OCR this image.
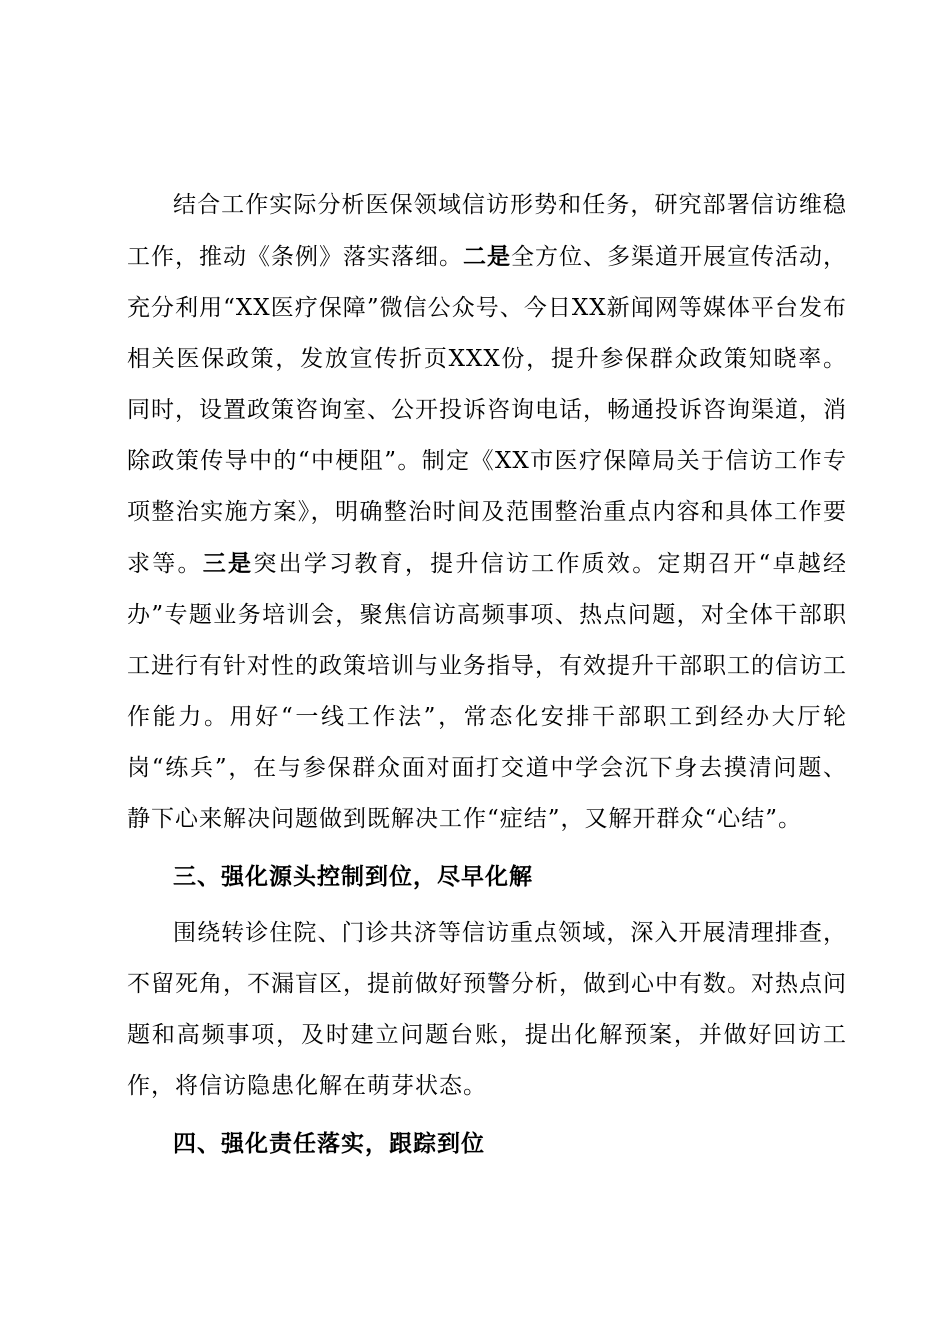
结合工作实际分析医保领域信访形势和任务，研究部署信访维稳工作，推动《条例》落实落细。二是全方位、多渠道开展宣传活动，充分利用“XX医疗保障”微信公众号、今日XX新闻网等媒体平台发布相关医保政策，发放宣传折页XXX份，提升参保群众政策知晓率。同时，设置政策咨询室、公开投诉咨询电话，畅通投诉咨询渠道，消除政策传导中的“中梗阻”。制定《XX市医疗保障局关于信访工作专项整治实施方案》，明确整治时间及范围整治重点内容和具体工作要求等。三是突出学习教育，提升信访工作质效。定期召开“卓越经办”专题业务培训会，聚焦信访高频事项、热点问题，对全体干部职工进行有针对性的政策培训与业务指导，有效提升干部职工的信访工作能力。用好“一线工作法”，常态化安排干部职工到经办大厅轮岗“练兵”，在与参保群众面对面打交道中学会沉下身去摸清问题、静下心来解决问题做到既解决工作“症结”，又解开群众“心结”。

三、强化源头控制到位，尽早化解

围绕转诊住院、门诊共济等信访重点领域，深入开展清理排查，不留死角，不漏盲区，提前做好预警分析，做到心中有数。对热点问题和高频事项，及时建立问题台账，提出化解预案，并做好回访工作，将信访隐患化解在萌芽状态。

四、强化责任落实，跟踪到位
